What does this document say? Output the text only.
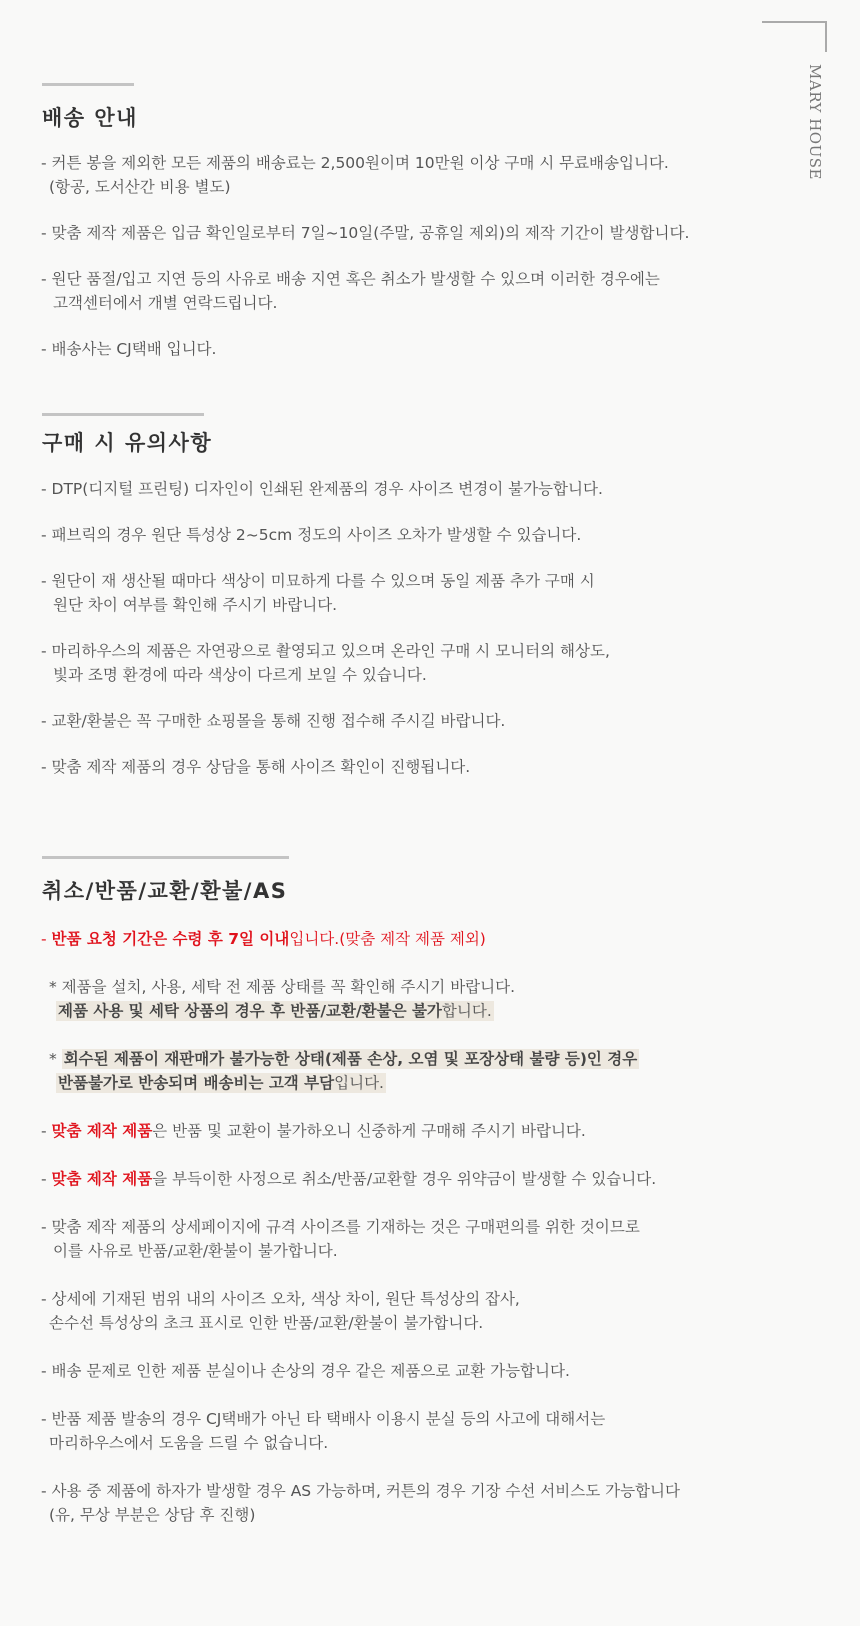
MARY HOUSE
배송 안내

- 커튼 봉을 제외한 모든 제품의 배송료는 2,500원이며 10만원 이상 구매 시 무료배송입니다.

(항공, 도서산간 비용 별도)

- 맞춤 제작 제품은 입금 확인일로부터 7일~10일(주말, 공휴일 제외)의 제작 기간이 발생합니다.

- 원단 품절/입고 지연 등의 사유로 배송 지연 혹은 취소가 발생할 수 있으며 이러한 경우에는

고객센터에서 개별 연락드립니다.

- 배송사는 CJ택배 입니다.

구매 시 유의사항

- DTP(디지털 프린팅) 디자인이 인쇄된 완제품의 경우 사이즈 변경이 불가능합니다.

- 패브릭의 경우 원단 특성상 2~5cm 정도의 사이즈 오차가 발생할 수 있습니다.

- 원단이 재 생산될 때마다 색상이 미묘하게 다를 수 있으며 동일 제품 추가 구매 시

원단 차이 여부를 확인해 주시기 바랍니다.

- 마리하우스의 제품은 자연광으로 촬영되고 있으며 온라인 구매 시 모니터의 해상도,

빛과 조명 환경에 따라 색상이 다르게 보일 수 있습니다.

- 교환/환불은 꼭 구매한 쇼핑몰을 통해 진행 접수해 주시길 바랍니다.

- 맞춤 제작 제품의 경우 상담을 통해 사이즈 확인이 진행됩니다.

취소/반품/교환/환불/AS

- 반품 요청 기간은 수령 후 7일 이내입니다.(맞춤 제작 제품 제외)

* 제품을 설치, 사용, 세탁 전 제품 상태를 꼭 확인해 주시기 바랍니다.

제품 사용 및 세탁 상품의 경우 후 반품/교환/환불은 불가합니다.

* 회수된 제품이 재판매가 불가능한 상태(제품 손상, 오염 및 포장상태 불량 등)인 경우

반품불가로 반송되며 배송비는 고객 부담입니다.

- 맞춤 제작 제품은 반품 및 교환이 불가하오니 신중하게 구매해 주시기 바랍니다.

- 맞춤 제작 제품을 부득이한 사정으로 취소/반품/교환할 경우 위약금이 발생할 수 있습니다.

- 맞춤 제작 제품의 상세페이지에 규격 사이즈를 기재하는 것은 구매편의를 위한 것이므로

이를 사유로 반품/교환/환불이 불가합니다.

- 상세에 기재된 범위 내의 사이즈 오차, 색상 차이, 원단 특성상의 잡사,

손수선 특성상의 초크 표시로 인한 반품/교환/환불이 불가합니다.

- 배송 문제로 인한 제품 분실이나 손상의 경우 같은 제품으로 교환 가능합니다.

- 반품 제품 발송의 경우 CJ택배가 아닌 타 택배사 이용시 분실 등의 사고에 대해서는

마리하우스에서 도움을 드릴 수 없습니다.

- 사용 중 제품에 하자가 발생할 경우 AS 가능하며, 커튼의 경우 기장 수선 서비스도 가능합니다

(유, 무상 부분은 상담 후 진행)
